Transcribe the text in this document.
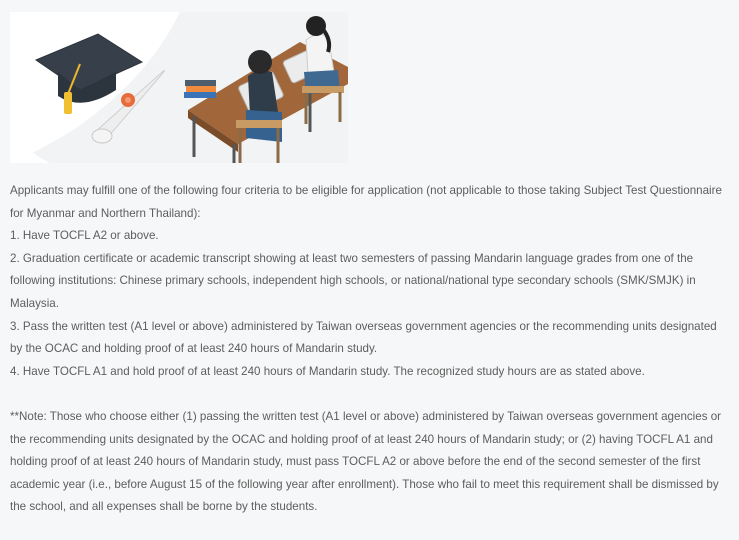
Applicants may fulfill one of the following four criteria to be eligible for application (not applicable to those taking Subject Test Questionnaire for Myanmar and Northern Thailand):

1. Have TOCFL A2 or above.

2. Graduation certificate or academic transcript showing at least two semesters of passing Mandarin language grades from one of the following institutions: Chinese primary schools, independent high schools, or national/national type secondary schools (SMK/SMJK) in Malaysia.

3. Pass the written test (A1 level or above) administered by Taiwan overseas government agencies or the recommending units designated by the OCAC and holding proof of at least 240 hours of Mandarin study.

4. Have TOCFL A1 and hold proof of at least 240 hours of Mandarin study. The recognized study hours are as stated above.

**Note: Those who choose either (1) passing the written test (A1 level or above) administered by Taiwan overseas government agencies or the recommending units designated by the OCAC and holding proof of at least 240 hours of Mandarin study; or (2) having TOCFL A1 and holding proof of at least 240 hours of Mandarin study, must pass TOCFL A2 or above before the end of the second semester of the first academic year (i.e., before August 15 of the following year after enrollment). Those who fail to meet this requirement shall be dismissed by the school, and all expenses shall be borne by the students.
